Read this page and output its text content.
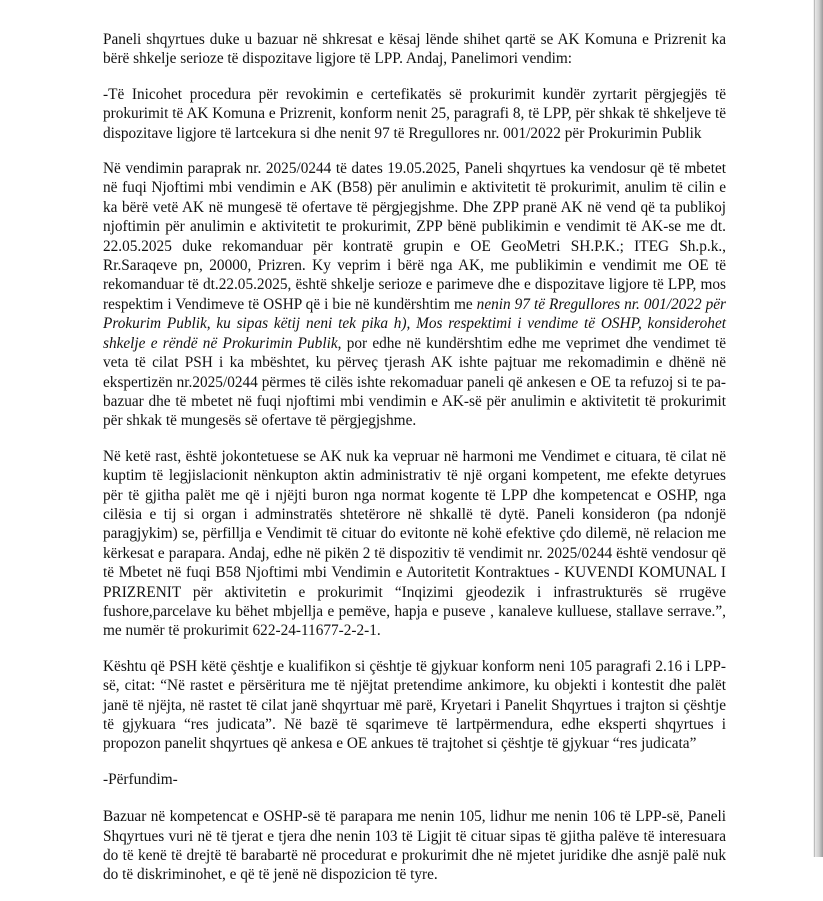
Paneli shqyrtues duke u bazuar në shkresat e kësaj lënde shihet qartë se AK Komuna e Prizrenit ka bërë shkelje serioze të dispozitave ligjore të LPP. Andaj, Panelimori vendim:

-Të Inicohet procedura për revokimin e certefikatës së prokurimit kundër zyrtarit përgjegjës të prokurimit të AK Komuna e Prizrenit, konform nenit 25, paragrafi 8, të LPP, për shkak të shkeljeve të dispozitave ligjore të lartcekura si dhe nenit 97 të Rregullores nr. 001/2022 për Prokurimin Publik

Në vendimin paraprak nr. 2025/0244 të dates 19.05.2025, Paneli shqyrtues ka vendosur që të mbetet në fuqi Njoftimi mbi vendimin e AK (B58) për anulimin e aktivitetit të prokurimit, anulim të cilin e ka bërë vetë AK në mungesë të ofertave të përgjegjshme. Dhe ZPP pranë AK në vend që ta publikoj njoftimin për anulimin e aktivitetit te prokurimit, ZPP bënë publikimin e vendimit të AK-se me dt. 22.05.2025 duke rekomanduar për kontratë grupin e OE GeoMetri SH.P.K.; ITEG Sh.p.k., Rr.Saraqeve pn, 20000, Prizren. Ky veprim i bërë nga AK, me publikimin e vendimit me OE të rekomanduar të dt.22.05.2025, është shkelje serioze e parimeve dhe e dispozitave ligjore të LPP, mos respektim i Vendimeve të OSHP që i bie në kundërshtim me nenin 97 të Rregullores nr. 001/2022 për Prokurim Publik, ku sipas këtij neni tek pika h), Mos respektimi i vendime të OSHP, konsiderohet shkelje e rëndë në Prokurimin Publik, por edhe në kundërshtim edhe me veprimet dhe vendimet të veta të cilat PSH i ka mbështet, ku përveç tjerash AK ishte pajtuar me rekomadimin e dhënë në ekspertizën nr.2025/0244 përmes të cilës ishte rekomaduar paneli që ankesen e OE ta refuzoj si te pa-bazuar dhe të mbetet në fuqi njoftimi mbi vendimin e AK-së për anulimin e aktivitetit të prokurimit për shkak të mungesës së ofertave të përgjegjshme.

Në ketë rast, është jokontetuese se AK nuk ka vepruar në harmoni me Vendimet e cituara, të cilat në kuptim të legjislacionit nënkupton aktin administrativ të një organi kompetent, me efekte detyrues për të gjitha palët me që i njëjti buron nga normat kogente të LPP dhe kompetencat e OSHP, nga cilësia e tij si organ i adminstratës shtetërore në shkallë të dytë. Paneli konsideron (pa ndonjë paragjykim) se, përfillja e Vendimit të cituar do evitonte në kohë efektive çdo dilemë, në relacion me kërkesat e parapara. Andaj, edhe në pikën 2 të dispozitiv të vendimit nr. 2025/0244 është vendosur që të Mbetet në fuqi B58 Njoftimi mbi Vendimin e Autoritetit Kontraktues - KUVENDI KOMUNAL I PRIZRENIT për aktivitetin e prokurimit “Inqizimi gjeodezik i infrastrukturës së rrugëve fushore,parcelave ku bëhet mbjellja e pemëve, hapja e puseve , kanaleve kulluese, stallave serrave.”, me numër të prokurimit 622-24-11677-2-2-1.

Kështu që PSH këtë çështje e kualifikon si çështje të gjykuar konform neni 105 paragrafi 2.16 i LPP-së, citat: “Në rastet e përsëritura me të njëjtat pretendime ankimore, ku objekti i kontestit dhe palët janë të njëjta, në rastet të cilat janë shqyrtuar më parë, Kryetari i Panelit Shqyrtues i trajton si çështje të gjykuara “res judicata”. Në bazë të sqarimeve të lartpërmendura, edhe eksperti shqyrtues i propozon panelit shqyrtues që ankesa e OE ankues të trajtohet si çështje të gjykuar “res judicata”

-Përfundim-

Bazuar në kompetencat e OSHP-së të parapara me nenin 105, lidhur me nenin 106 të LPP-së, Paneli Shqyrtues vuri në të tjerat e tjera dhe nenin 103 të Ligjit të cituar sipas të gjitha palëve të interesuara do të kenë të drejtë të barabartë në procedurat e prokurimit dhe në mjetet juridike dhe asnjë palë nuk do të diskriminohet, e që të jenë në dispozicion të tyre.
